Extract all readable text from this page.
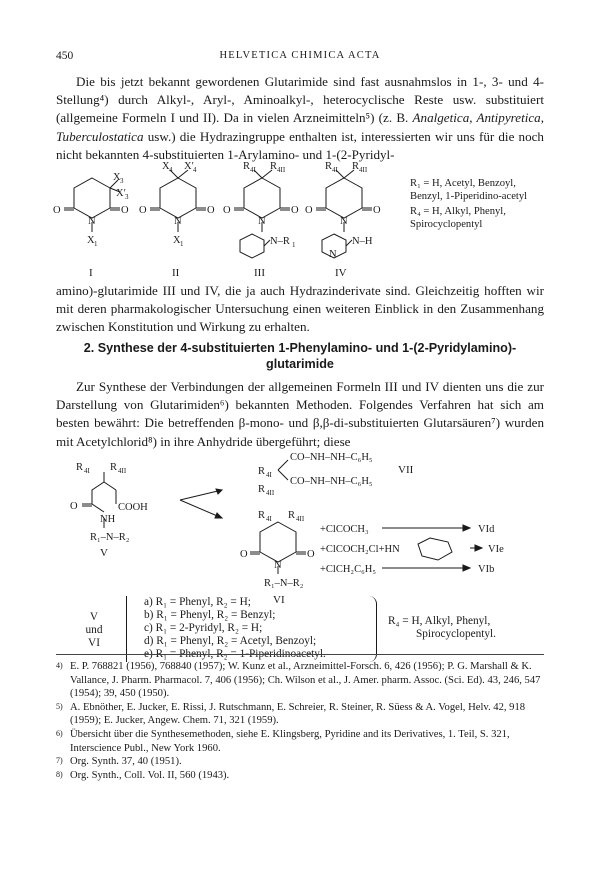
450	HELVETICA CHIMICA ACTA
Die bis jetzt bekannt gewordenen Glutarimide sind fast ausnahmslos in 1-, 3- und 4-Stellung⁴) durch Alkyl-, Aryl-, Aminoalkyl-, heterocyclische Reste usw. substituiert (allgemeine Formeln I und II). Da in vielen Arzneimitteln⁵) (z. B. Analgetica, Antipyretica, Tuberculostatica usw.) die Hydrazingruppe enthalten ist, interessierten wir uns für die noch nicht bekannten 4-substituierten 1-Arylamino- und 1-(2-Pyridyl-
X 3
X′ 3
O	O
N
X 1
I
X 4 X′ 4
O	O
N
X 1
II
R 4I R 4II
O	O
N
N–R 1
III
R 4I R 4II
O	O
N
N–H
N
IV
R₁ = H, Acetyl, Benzoyl, Benzyl, 1-Piperidino-acetyl
R₄ = H, Alkyl, Phenyl, Spirocyclopentyl
amino)-glutarimide III und IV, die ja auch Hydrazinderivate sind. Gleichzeitig hofften wir mit deren pharmakologischer Untersuchung einen weiteren Einblick in den Zusammenhang zwischen Konstitution und Wirkung zu erhalten.
2. Synthese der 4-substituierten 1-Phenylamino- und 1-(2-Pyridylamino)-
glutarimide
Zur Synthese der Verbindungen der allgemeinen Formeln III und IV dienten uns die zur Darstellung von Glutarimiden⁶) bekannten Methoden. Folgendes Verfahren hat sich am besten bewährt: Die betreffenden β-mono- und β,β-di-substituierten Glutarsäuren⁷) wurden mit Acetylchlorid⁸) in ihre Anhydride übergeführt; diese
R 4I R 4II
O	COOH
NH
R₁–N–R₂
V
R 4I
CO–NH–NH–C₆H₅
R 4II
CO–NH–NH–C₆H₅
VII
R 4I R 4II
O	O
N
R₁–N–R₂
VI
+ClCOCH₃
+ClCOCH₂Cl+HN
+ClCH₂C₆H₅
VId
VIe
VIb
V
und
VI
a) R₁ = Phenyl, R₂ = H;
b) R₁ = Phenyl, R₂ = Benzyl;
c) R₁ = 2-Pyridyl, R₂ = H;
d) R₁ = Phenyl, R₂ = Acetyl, Benzoyl;
e) R₁ = Phenyl, R₂ = 1-Piperidinoacetyl.
R₄ = H, Alkyl, Phenyl,
Spirocyclopentyl.
4) E. P. 768821 (1956), 768840 (1957); W. Kunz et al., Arzneimittel-Forsch. 6, 426 (1956); P. G. Marshall & K. Vallance, J. Pharm. Pharmacol. 7, 406 (1956); Ch. Wilson et al., J. Amer. pharm. Assoc. (Sci. Ed). 43, 246, 547 (1954); 39, 450 (1950).
5) A. Ebnöther, E. Jucker, E. Rissi, J. Rutschmann, E. Schreier, R. Steiner, R. Süess & A. Vogel, Helv. 42, 918 (1959); E. Jucker, Angew. Chem. 71, 321 (1959).
6) Übersicht über die Synthesemethoden, siehe E. Klingsberg, Pyridine and its Derivatives, 1. Teil, S. 321, Interscience Publ., New York 1960.
7) Org. Synth. 37, 40 (1951).
8) Org. Synth., Coll. Vol. II, 560 (1943).
